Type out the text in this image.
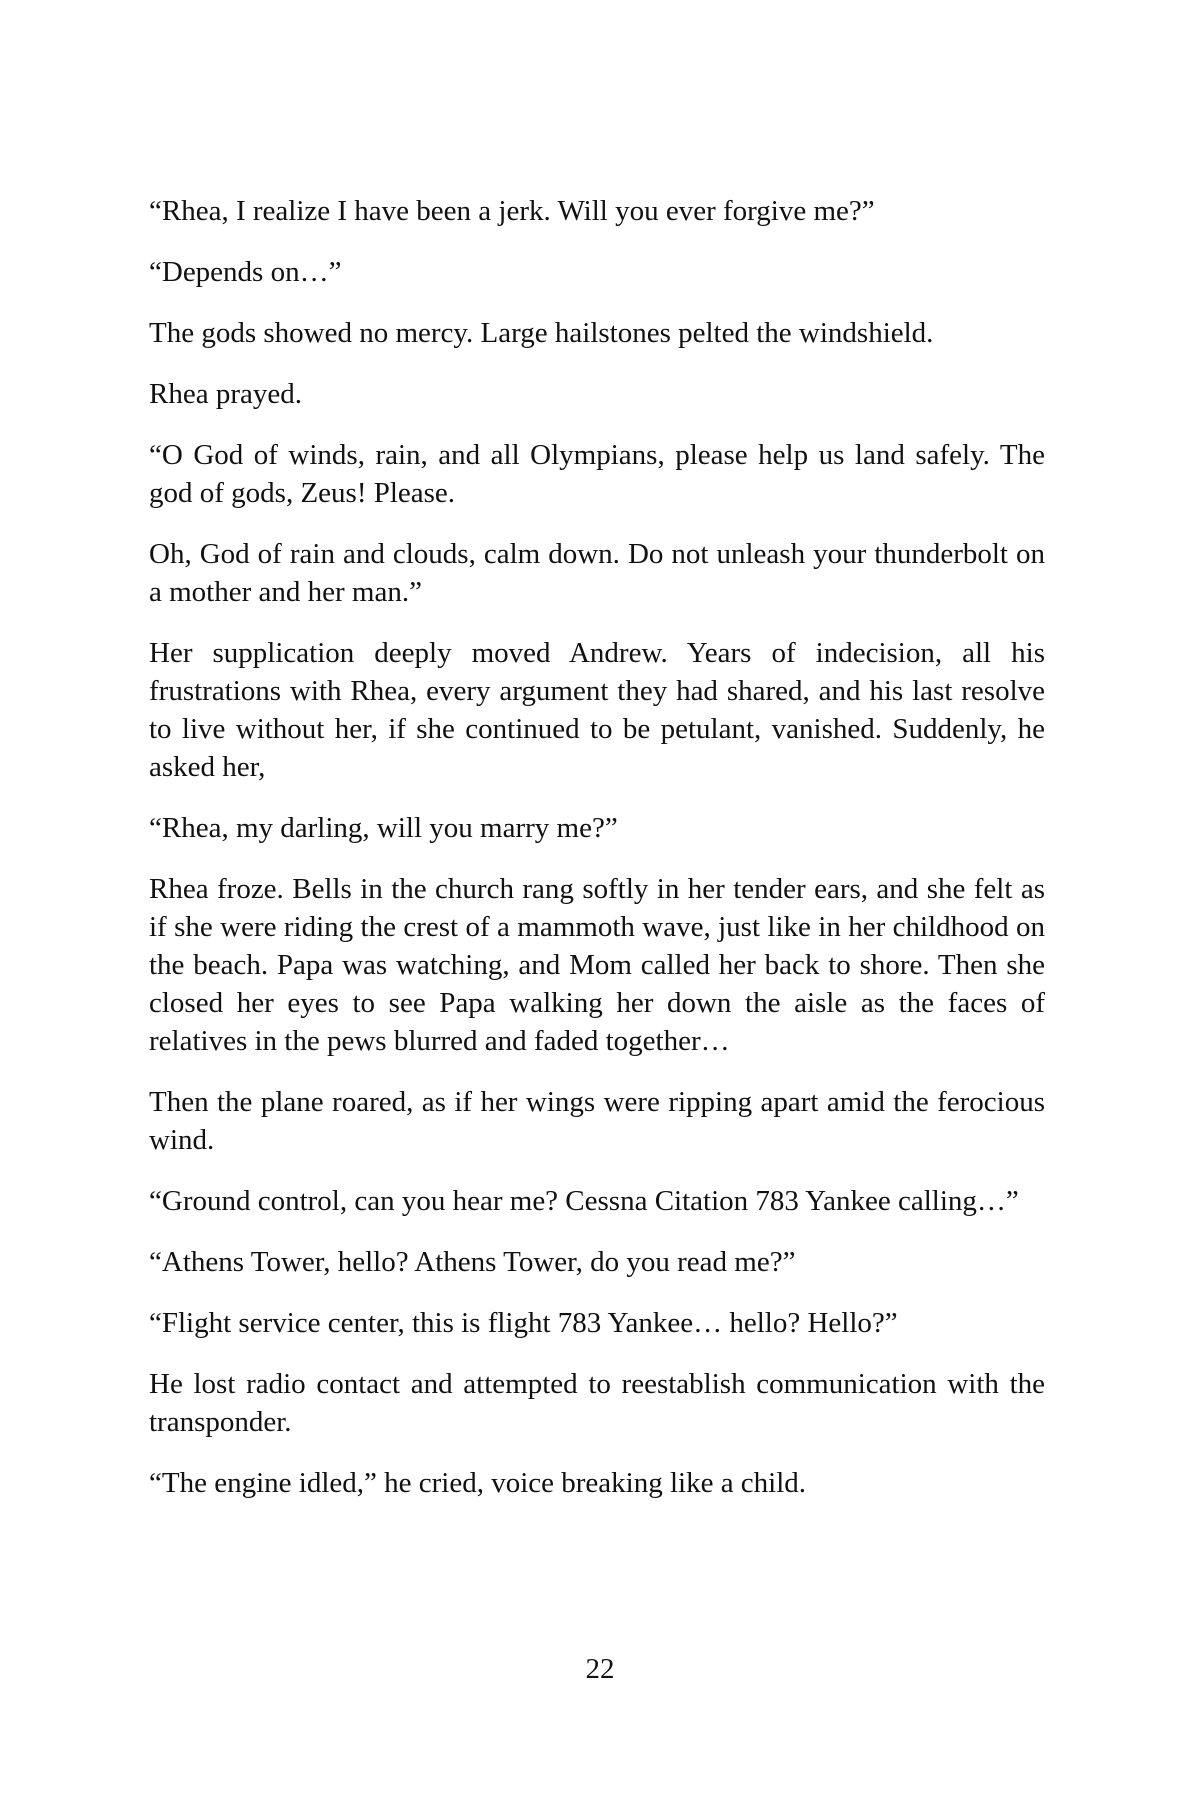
“Rhea, I realize I have been a jerk. Will you ever forgive me?”

“Depends on…”

The gods showed no mercy. Large hailstones pelted the windshield.

Rhea prayed.

“O God of winds, rain, and all Olympians, please help us land safely. The god of gods, Zeus! Please.

Oh, God of rain and clouds, calm down. Do not unleash your thunderbolt on a mother and her man.”

Her supplication deeply moved Andrew. Years of indecision, all his frustrations with Rhea, every argument they had shared, and his last resolve to live without her, if she continued to be petulant, vanished. Suddenly, he asked her,

“Rhea, my darling, will you marry me?”

Rhea froze. Bells in the church rang softly in her tender ears, and she felt as if she were riding the crest of a mammoth wave, just like in her childhood on the beach. Papa was watching, and Mom called her back to shore. Then she closed her eyes to see Papa walking her down the aisle as the faces of relatives in the pews blurred and faded together…

Then the plane roared, as if her wings were ripping apart amid the ferocious wind.

“Ground control, can you hear me? Cessna Citation 783 Yankee calling…”

“Athens Tower, hello? Athens Tower, do you read me?”

“Flight service center, this is flight 783 Yankee… hello? Hello?”

He lost radio contact and attempted to reestablish communication with the transponder.

“The engine idled,” he cried, voice breaking like a child.

22
